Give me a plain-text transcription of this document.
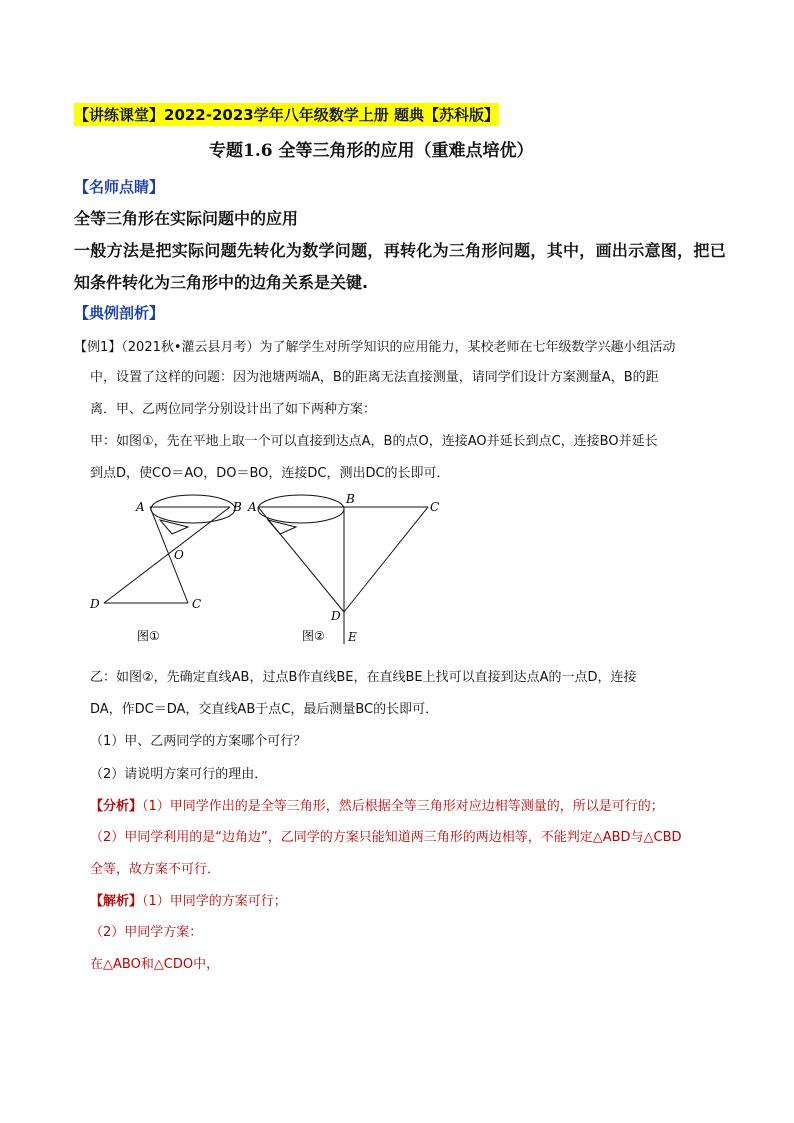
【讲练课堂】2022-2023学年八年级数学上册 题典【苏科版】
专题1.6 全等三角形的应用（重难点培优）
【名师点睛】
全等三角形在实际问题中的应用
一般方法是把实际问题先转化为数学问题，再转化为三角形问题，其中，画出示意图，把已
知条件转化为三角形中的边角关系是关键.
【典例剖析】
【例1】（2021秋•灌云县月考）为了解学生对所学知识的应用能力，某校老师在七年级数学兴趣小组活动
中，设置了这样的问题：因为池塘两端A，B的距离无法直接测量，请同学们设计方案测量A，B的距
离．甲、乙两位同学分别设计出了如下两种方案：
甲：如图①，先在平地上取一个可以直接到达点A，B的点O，连接AO并延长到点C，连接BO并延长
到点D，使CO＝AO，DO＝BO，连接DC，测出DC的长即可．
A	B
O
D	C
图①
A
B
C
D
E
图②
乙：如图②，先确定直线AB，过点B作直线BE，在直线BE上找可以直接到达点A的一点D，连接
DA，作DC＝DA，交直线AB于点C，最后测量BC的长即可．
（1）甲、乙两同学的方案哪个可行？
（2）请说明方案可行的理由．
【分析】（1）甲同学作出的是全等三角形，然后根据全等三角形对应边相等测量的，所以是可行的；
（2）甲同学利用的是“边角边”，乙同学的方案只能知道两三角形的两边相等，不能判定△ABD与△CBD
全等，故方案不可行．
【解析】（1）甲同学的方案可行；
（2）甲同学方案：
在△ABO和△CDO中，
